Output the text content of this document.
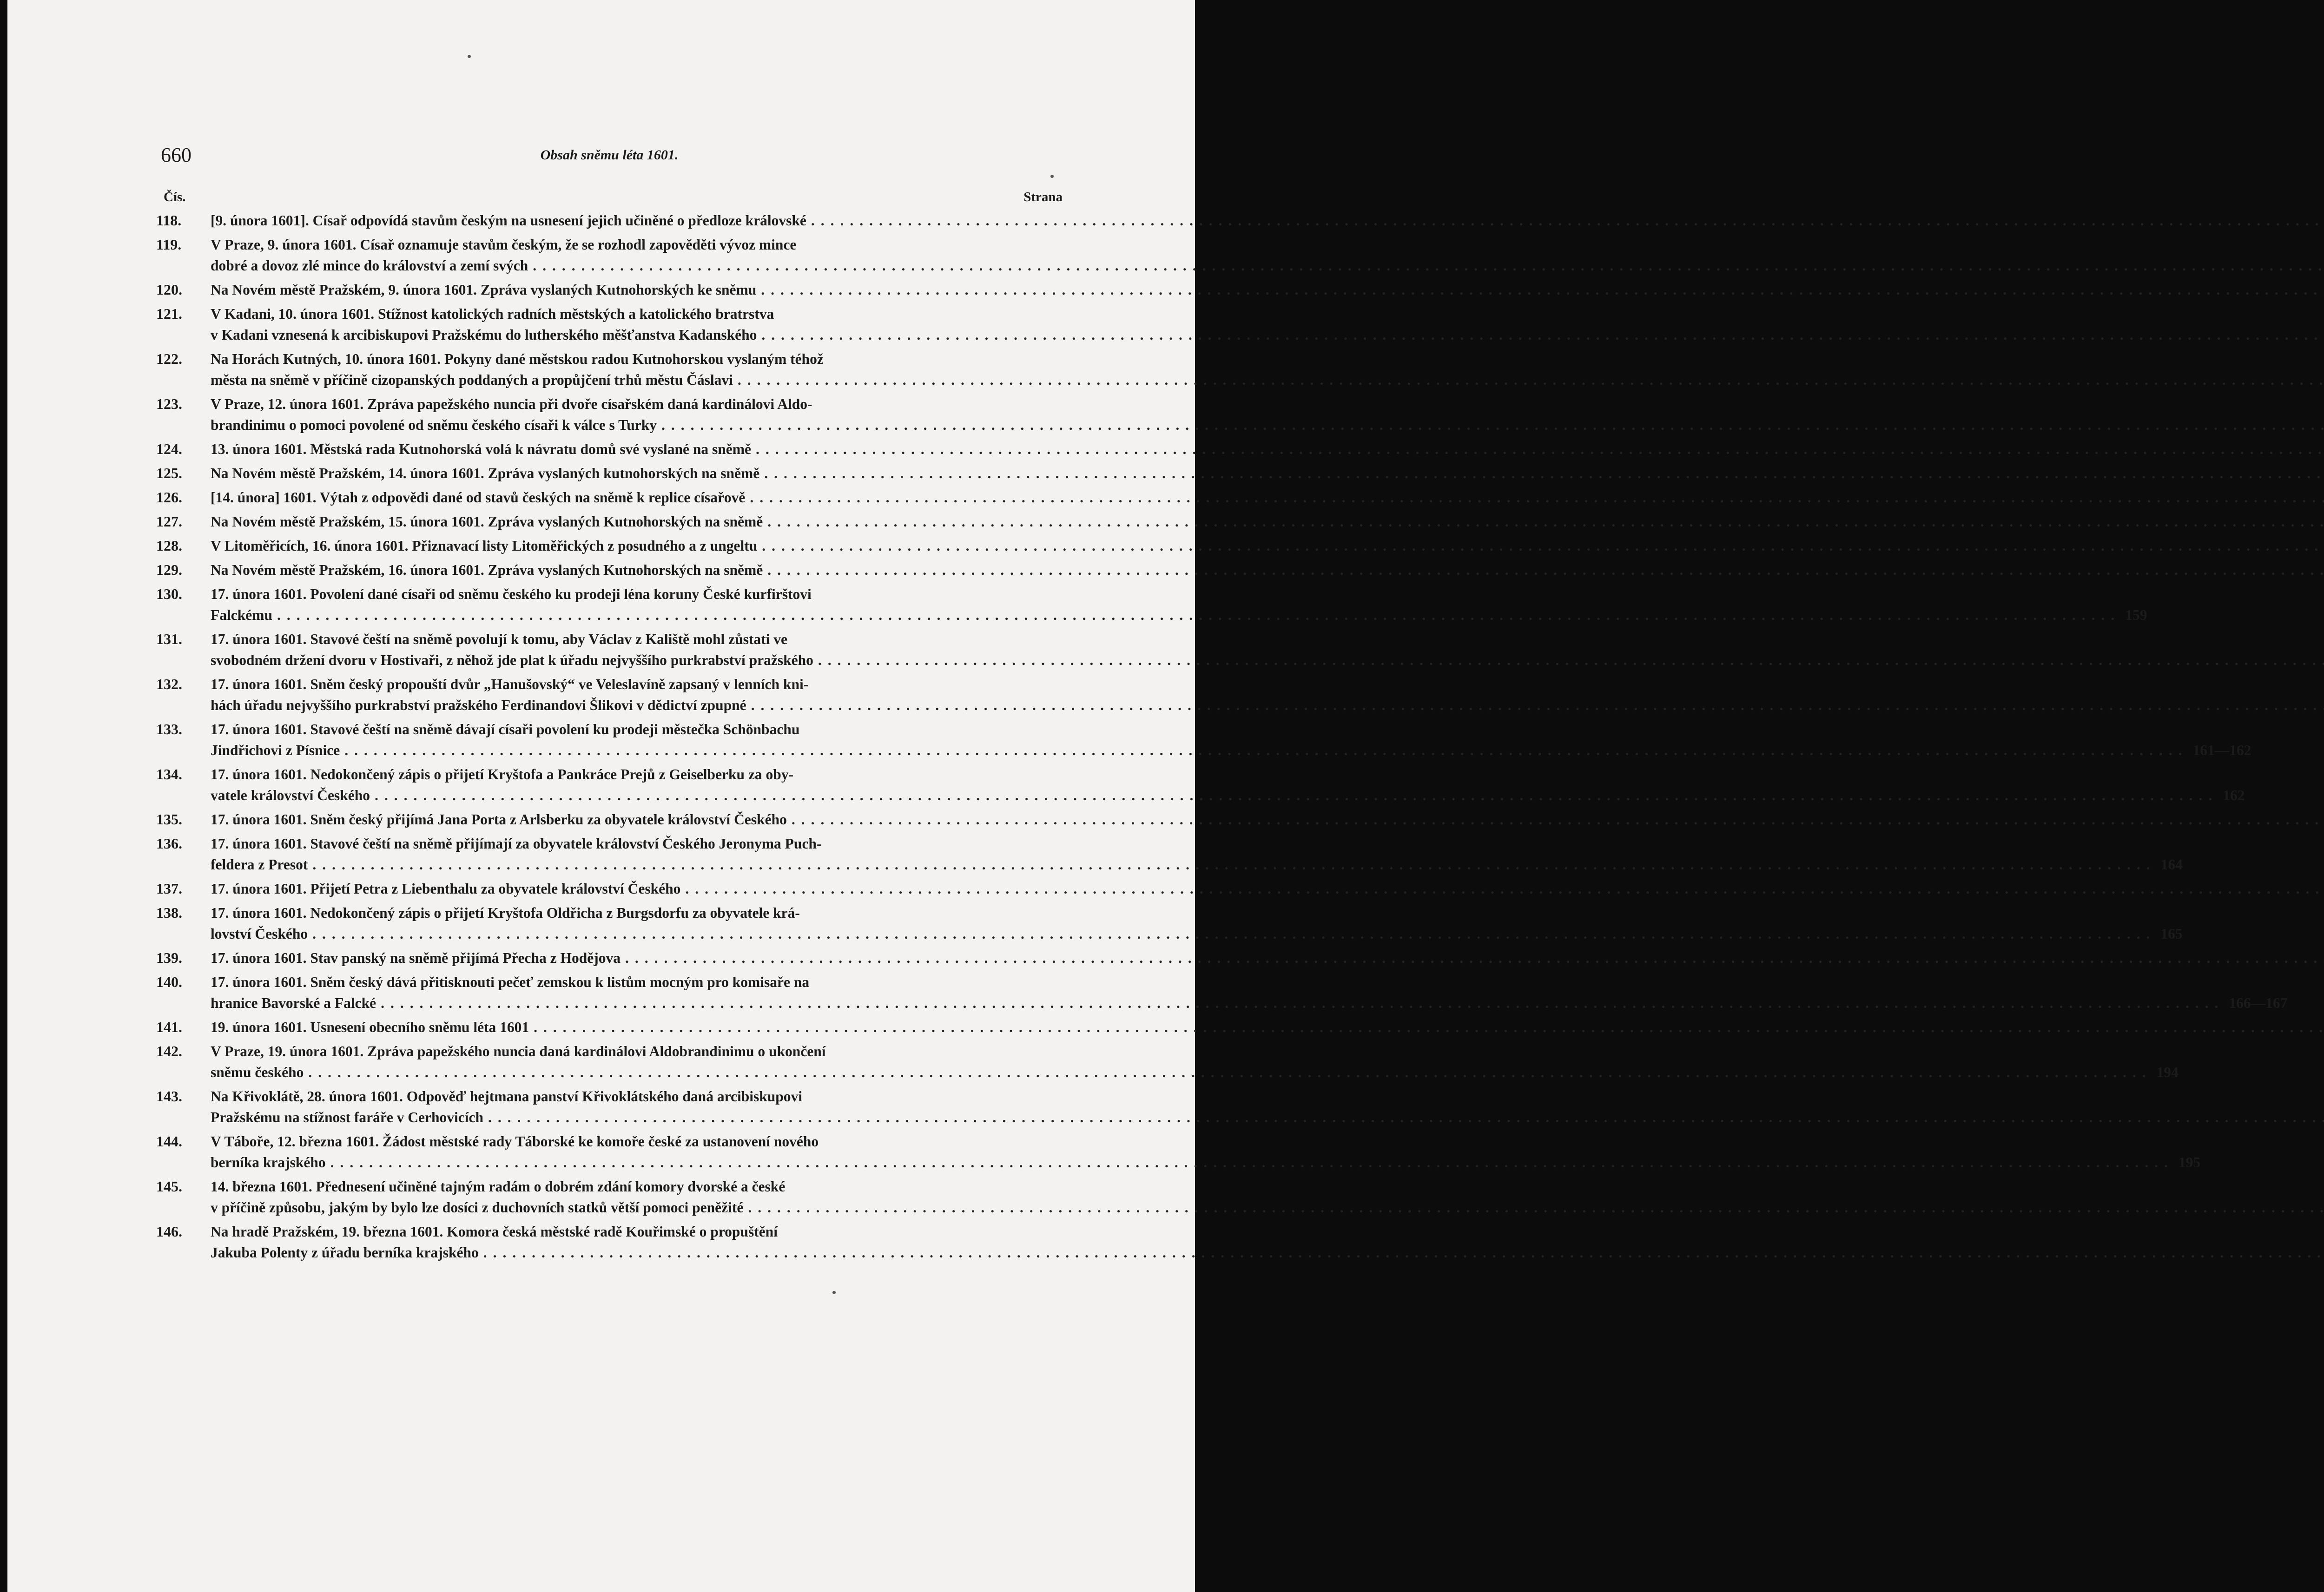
660	Obsah sněmu léta 1601.
Čís.	Strana
118.	[9. února 1601]. Císař odpovídá stavům českým na usnesení jejich učiněné o předloze královské
.....
119.	V Praze, 9. února 1601. Císař oznamuje stavům českým, že se rozhodl zapověděti vývoz mince
dobré a dovoz zlé mince do království a zemí svých
.....
120.	Na Novém městě Pražském, 9. února 1601. Zpráva vyslaných Kutnohorských ke sněmu
.....
121.	V Kadani, 10. února 1601. Stížnost katolických radních městských a katolického bratrstva
v Kadani vznesená k arcibiskupovi Pražskému do lutherského měšťanstva Kadanského
.....
122.	Na Horách Kutných, 10. února 1601. Pokyny dané městskou radou Kutnohorskou vyslaným téhož
města na sněmě v příčině cizopanských poddaných a propůjčení trhů městu Čáslavi
.....
123.	V Praze, 12. února 1601. Zpráva papežského nuncia při dvoře císařském daná kardinálovi Aldo-
brandinimu o pomoci povolené od sněmu českého císaři k válce s Turky
.....
124.	13. února 1601. Městská rada Kutnohorská volá k návratu domů své vyslané na sněmě
.....
125.	Na Novém městě Pražském, 14. února 1601. Zpráva vyslaných kutnohorských na sněmě
.....
126.	[14. února] 1601. Výtah z odpovědi dané od stavů českých na sněmě k replice císařově
.....
127.	Na Novém městě Pražském, 15. února 1601. Zpráva vyslaných Kutnohorských na sněmě
.....
128.	V Litoměřicích, 16. února 1601. Přiznavací listy Litoměřických z posudného a z ungeltu
.....
129.	Na Novém městě Pražském, 16. února 1601. Zpráva vyslaných Kutnohorských na sněmě
.....
130.	17. února 1601. Povolení dané císaři od sněmu českého ku prodeji léna koruny České kurfirštovi
Falckému .....	159
131.	17. února 1601. Stavové čeští na sněmě povolují k tomu, aby Václav z Kaliště mohl zůstati ve
svobodném držení dvoru v Hostivaři, z něhož jde plat k úřadu nejvyššího purkrabství pražského
.....
132.	17. února 1601. Sněm český propouští dvůr „Hanušovský“ ve Veleslavíně zapsaný v lenních kni-
hách úřadu nejvyššího purkrabství pražského Ferdinandovi Šlikovi v dědictví zpupné
.....
133.	17. února 1601. Stavové čeští na sněmě dávají císaři povolení ku prodeji městečka Schönbachu
Jindřichovi z Písnice .....	161—162
134.	17. února 1601. Nedokončený zápis o přijetí Kryštofa a Pankráce Prejů z Geiselberku za oby-
vatele království Českého .....	162
135.	17. února 1601. Sněm český přijímá Jana Porta z Arlsberku za obyvatele království Českého
.....
136.	17. února 1601. Stavové čeští na sněmě přijímají za obyvatele království Českého Jeronyma Puch-
feldera z Presot .....	164
137.	17. února 1601. Přijetí Petra z Liebenthalu za obyvatele království Českého
.....
138.	17. února 1601. Nedokončený zápis o přijetí Kryštofa Oldřicha z Burgsdorfu za obyvatele krá-
lovství Českého .....	165
139.	17. února 1601. Stav panský na sněmě přijímá Přecha z Hodějova
.....
140.	17. února 1601. Sněm český dává přitisknouti pečeť zemskou k listům mocným pro komisaře na
hranice Bavorské a Falcké .....	166—167
141.	19. února 1601. Usnesení obecního sněmu léta 1601
.....
142.	V Praze, 19. února 1601. Zpráva papežského nuncia daná kardinálovi Aldobrandinimu o ukončení
sněmu českého .....	194
143.	Na Křivoklátě, 28. února 1601. Odpověď hejtmana panství Křivoklátského daná arcibiskupovi
Pražskému na stížnost faráře v Cerhovicích
.....
144.	V Táboře, 12. března 1601. Žádost městské rady Táborské ke komoře české za ustanovení nového
berníka krajského .....	195
145.	14. března 1601. Přednesení učiněné tajným radám o dobrém zdání komory dvorské a české
v příčině způsobu, jakým by bylo lze dosíci z duchovních statků větší pomoci peněžité
.....
146.	Na hradě Pražském, 19. března 1601. Komora česká městské radě Kouřimské o propuštění
Jakuba Polenty z úřadu berníka krajského
.....
